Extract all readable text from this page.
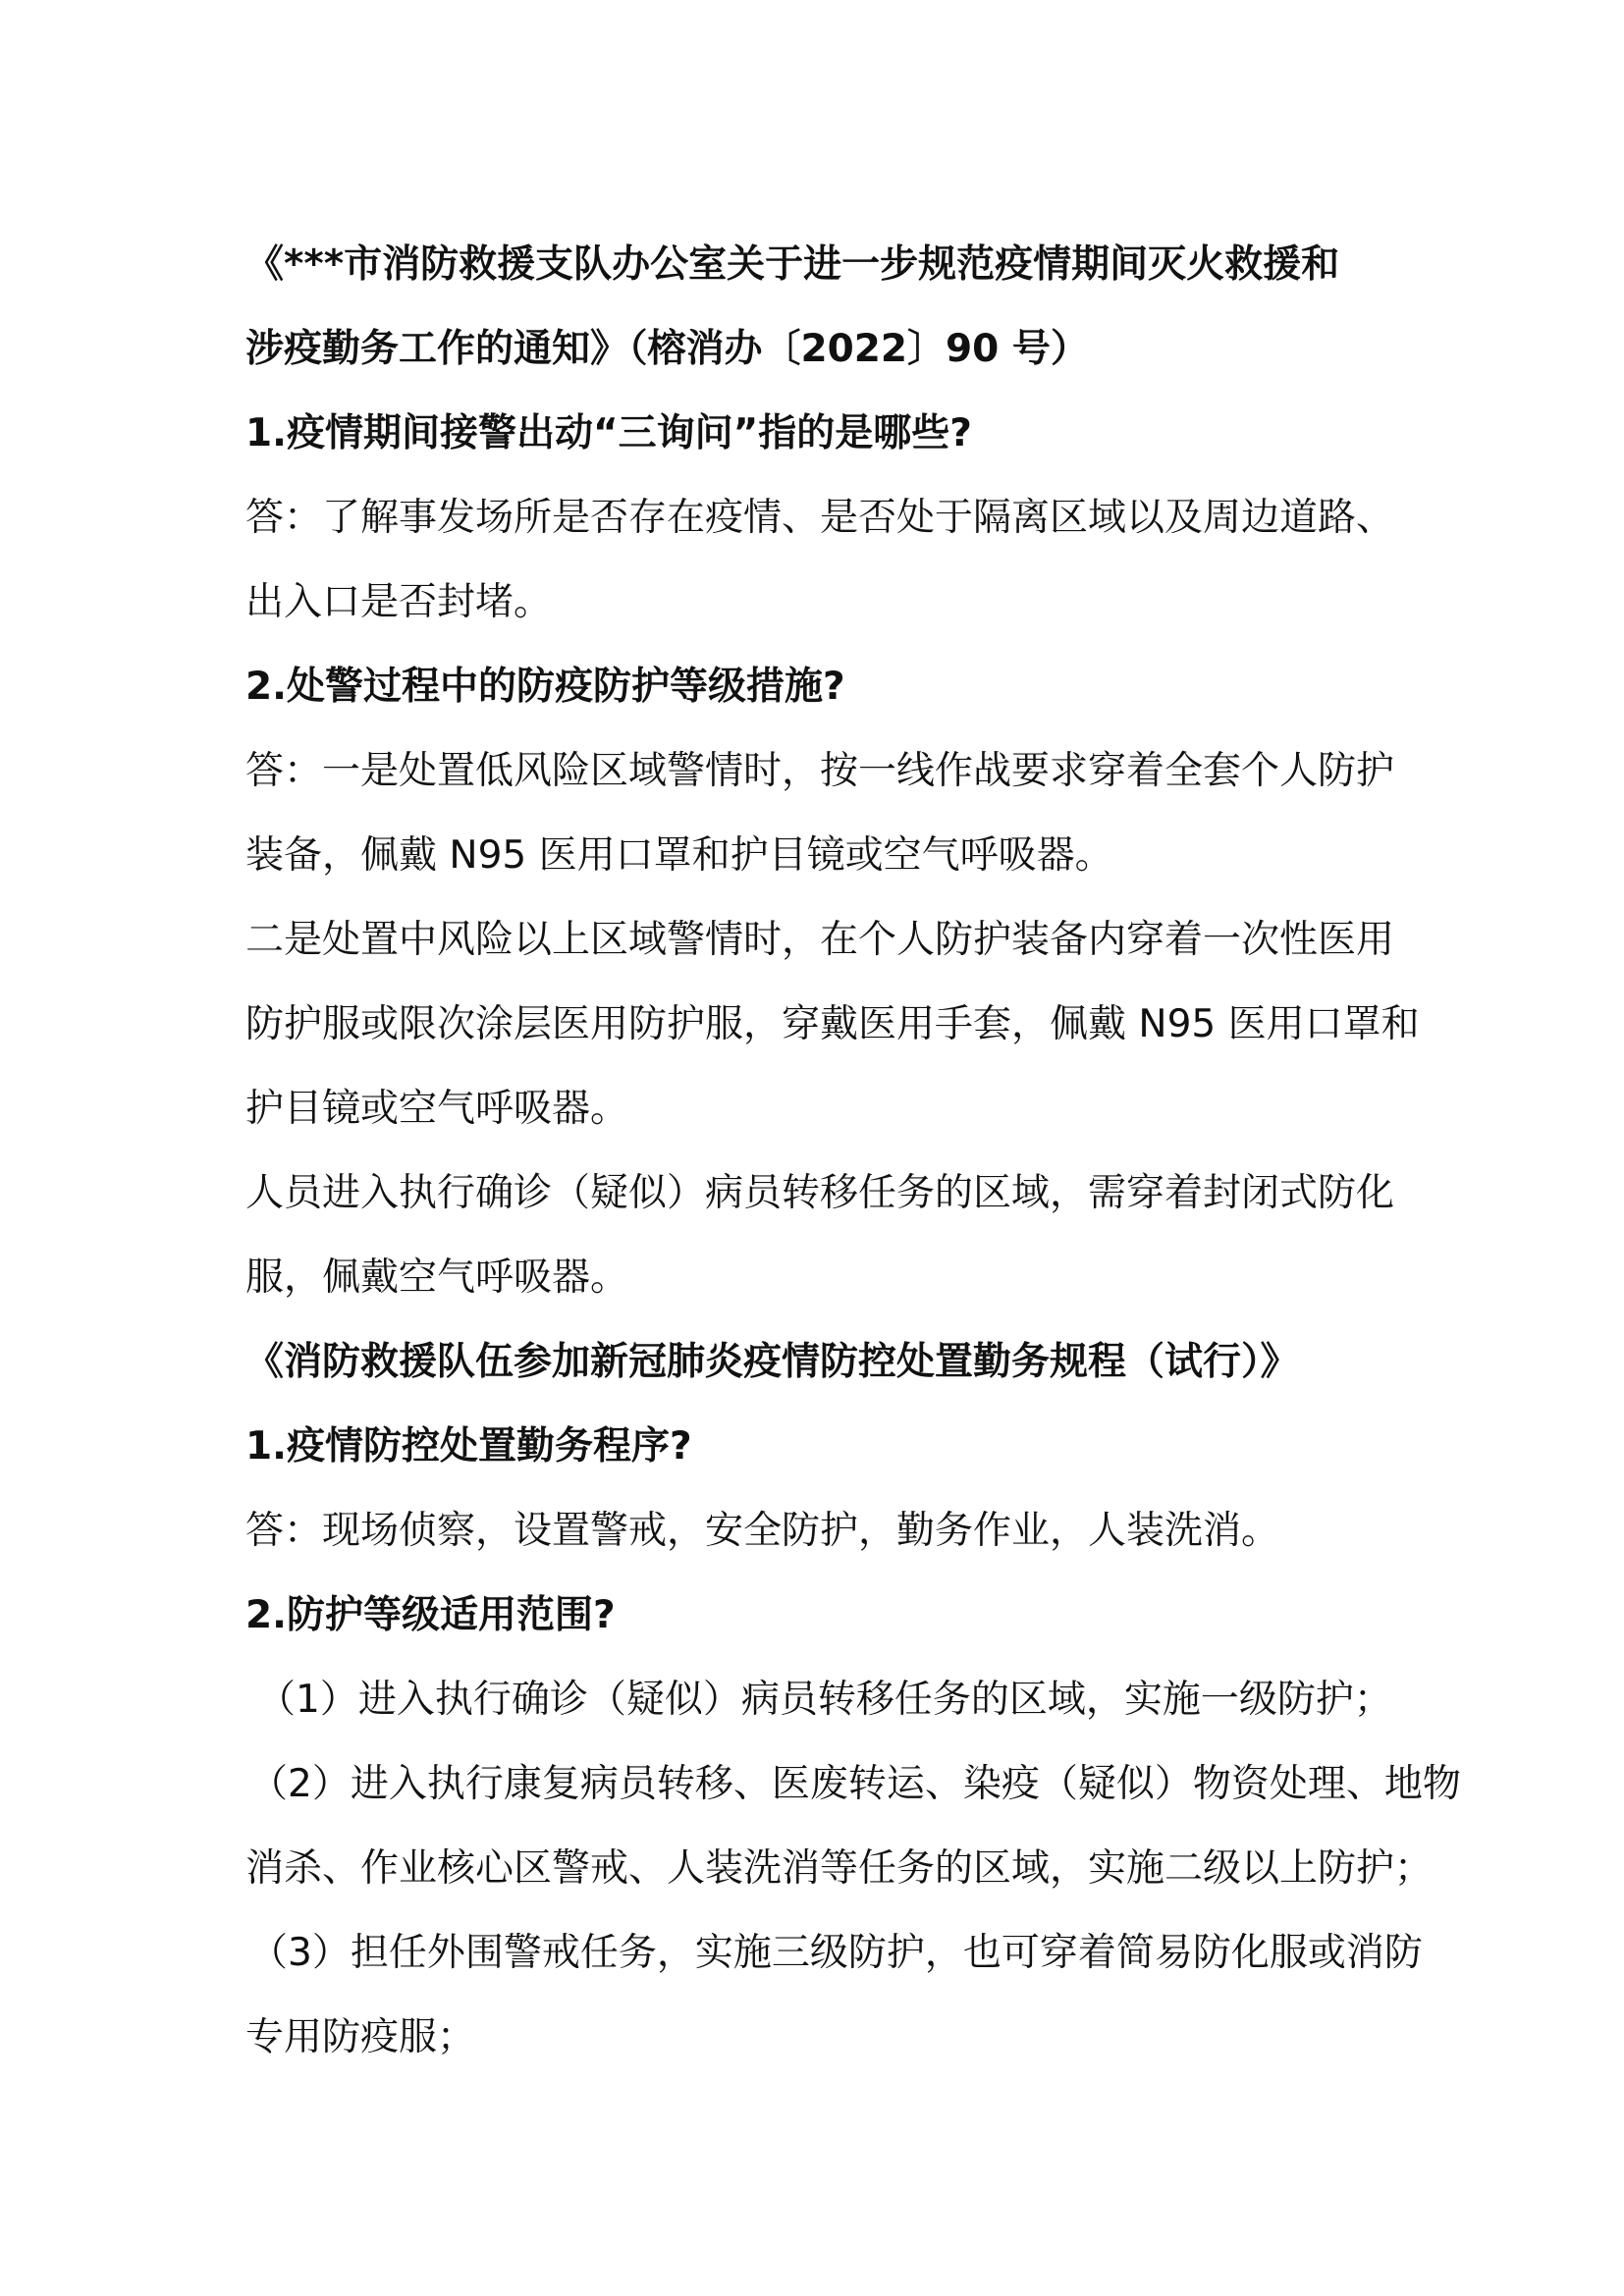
《***市消防救援支队办公室关于进一步规范疫情期间灭火救援和

涉疫勤务工作的通知》（榕消办〔2022〕90 号）

1.疫情期间接警出动“三询问”指的是哪些?

答：了解事发场所是否存在疫情、是否处于隔离区域以及周边道路、

出入口是否封堵。

2.处警过程中的防疫防护等级措施?

答：一是处置低风险区域警情时，按一线作战要求穿着全套个人防护

装备，佩戴 N95 医用口罩和护目镜或空气呼吸器。

二是处置中风险以上区域警情时，在个人防护装备内穿着一次性医用

防护服或限次涂层医用防护服，穿戴医用手套，佩戴 N95 医用口罩和

护目镜或空气呼吸器。

人员进入执行确诊（疑似）病员转移任务的区域，需穿着封闭式防化

服，佩戴空气呼吸器。

《消防救援队伍参加新冠肺炎疫情防控处置勤务规程（试行）》

1.疫情防控处置勤务程序?

答：现场侦察，设置警戒，安全防护，勤务作业，人装洗消。

2.防护等级适用范围?

（1）进入执行确诊（疑似）病员转移任务的区域，实施一级防护；

（2）进入执行康复病员转移、医废转运、染疫（疑似）物资处理、地物

消杀、作业核心区警戒、人装洗消等任务的区域，实施二级以上防护；

（3）担任外围警戒任务，实施三级防护，也可穿着简易防化服或消防

专用防疫服；
